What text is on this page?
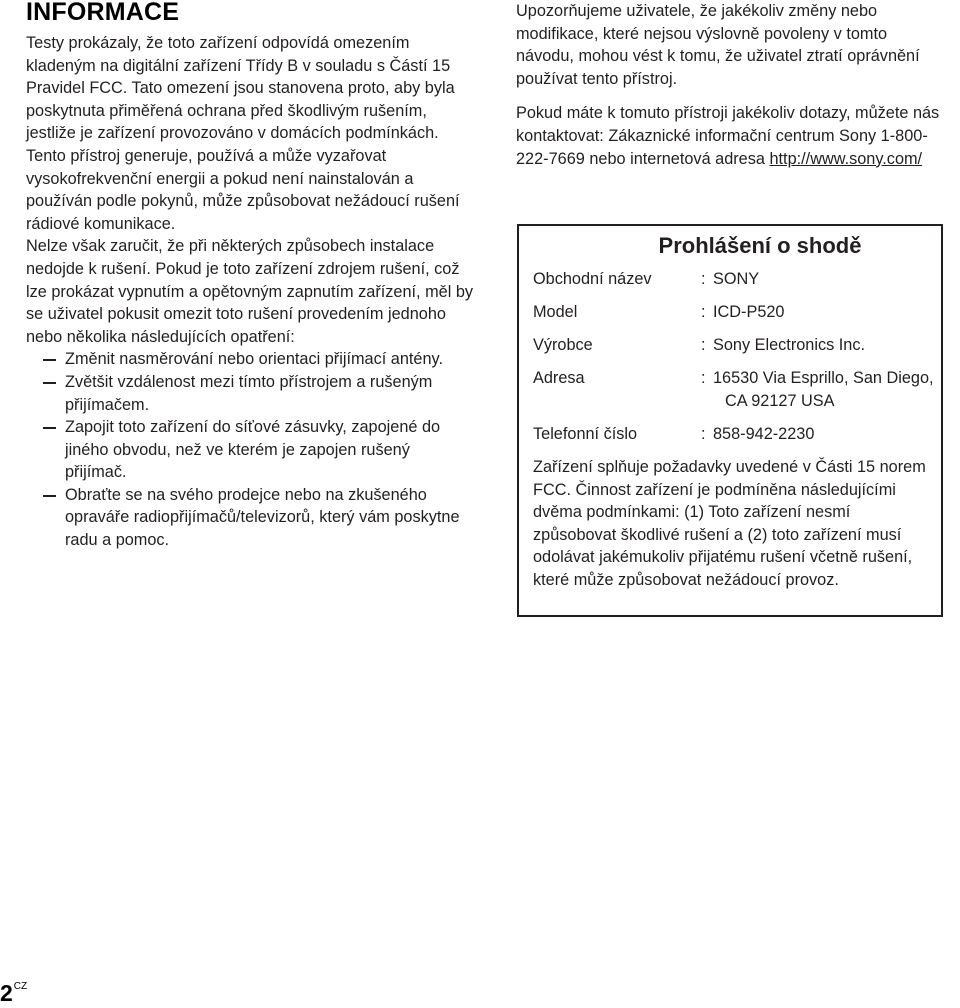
INFORMACE

Testy prokázaly, že toto zařízení odpovídá omezením kladeným na digitální zařízení Třídy B v souladu s Částí 15 Pravidel FCC. Tato omezení jsou stanovena proto, aby byla poskytnuta přiměřená ochrana před škodlivým rušením, jestliže je zařízení provozováno v domácích podmínkách. Tento přístroj generuje, používá a může vyzařovat vysokofrekvenční energii a pokud není nainstalován a používán podle pokynů, může způsobovat nežádoucí rušení rádiové komunikace.

Nelze však zaručit, že při některých způsobech instalace nedojde k rušení. Pokud je toto zařízení zdrojem rušení, což lze prokázat vypnutím a opětovným zapnutím zařízení, měl by se uživatel pokusit omezit toto rušení provedením jednoho nebo několika následujících opatření:

Změnit nasměrování nebo orientaci přijímací antény.
Zvětšit vzdálenost mezi tímto přístrojem a rušeným přijímačem.
Zapojit toto zařízení do síťové zásuvky, zapojené do jiného obvodu, než ve kterém je zapojen rušený přijímač.
Obraťte se na svého prodejce nebo na zkušeného opraváře radiopřijímačů/televizorů, který vám poskytne radu a pomoc.

Upozorňujeme uživatele, že jakékoliv změny nebo modifikace, které nejsou výslovně povoleny v tomto návodu, mohou vést k tomu, že uživatel ztratí oprávnění používat tento přístroj.

Pokud máte k tomuto přístroji jakékoliv dotazy, můžete nás kontaktovat: Zákaznické informační centrum Sony 1-800-222-7669 nebo internetová adresa http://www.sony.com/

Prohlášení o shodě
Obchodní název	: SONY
Model	: ICD-P520
Výrobce	: Sony Electronics Inc.
Adresa	: 16530 Via Esprillo, San Diego,
CA 92127 USA
Telefonní číslo	: 858-942-2230

Zařízení splňuje požadavky uvedené v Části 15 norem FCC. Činnost zařízení je podmíněna následujícími dvěma podmínkami: (1) Toto zařízení nesmí způsobovat škodlivé rušení a (2) toto zařízení musí odolávat jakémukoliv přijatému rušení včetně rušení, které může způsobovat nežádoucí provoz.

$2^{CZ}$
